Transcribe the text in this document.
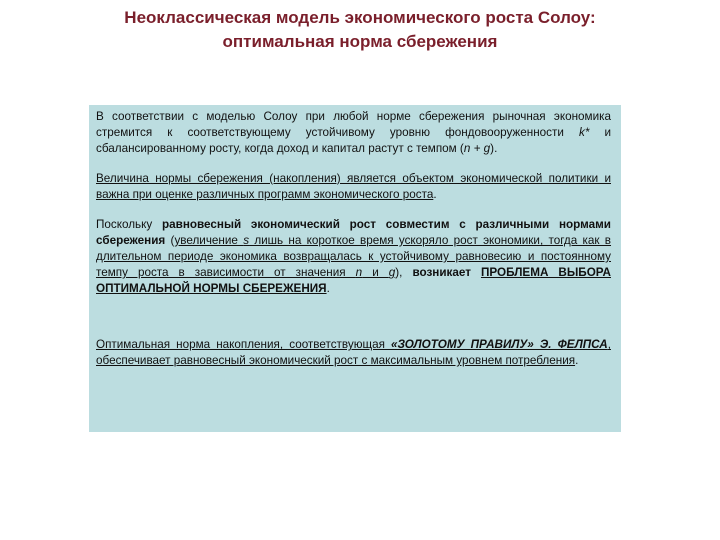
Неоклассическая модель экономического роста Солоу:
оптимальная норма сбережения

В соответствии с моделью Солоу при любой норме сбережения рыночная экономика стремится к соответствующему устойчивому уровню фондовооруженности k* и сбалансированному росту, когда доход и капитал растут с темпом (n + g).

Величина нормы сбережения (накопления) является объектом экономической политики и важна при оценке различных программ экономического роста.

Поскольку равновесный экономический рост совместим с различными нормами сбережения (увеличение s лишь на короткое время ускоряло рост экономики, тогда как в длительном периоде экономика возвращалась к устойчивому равновесию и постоянному темпу роста в зависимости от значения n и g), возникает ПРОБЛЕМА ВЫБОРА ОПТИМАЛЬНОЙ НОРМЫ СБЕРЕЖЕНИЯ.

Оптимальная норма накопления, соответствующая «ЗОЛОТОМУ ПРАВИЛУ» Э. ФЕЛПСА, обеспечивает равновесный экономический рост с максимальным уровнем потребления.
